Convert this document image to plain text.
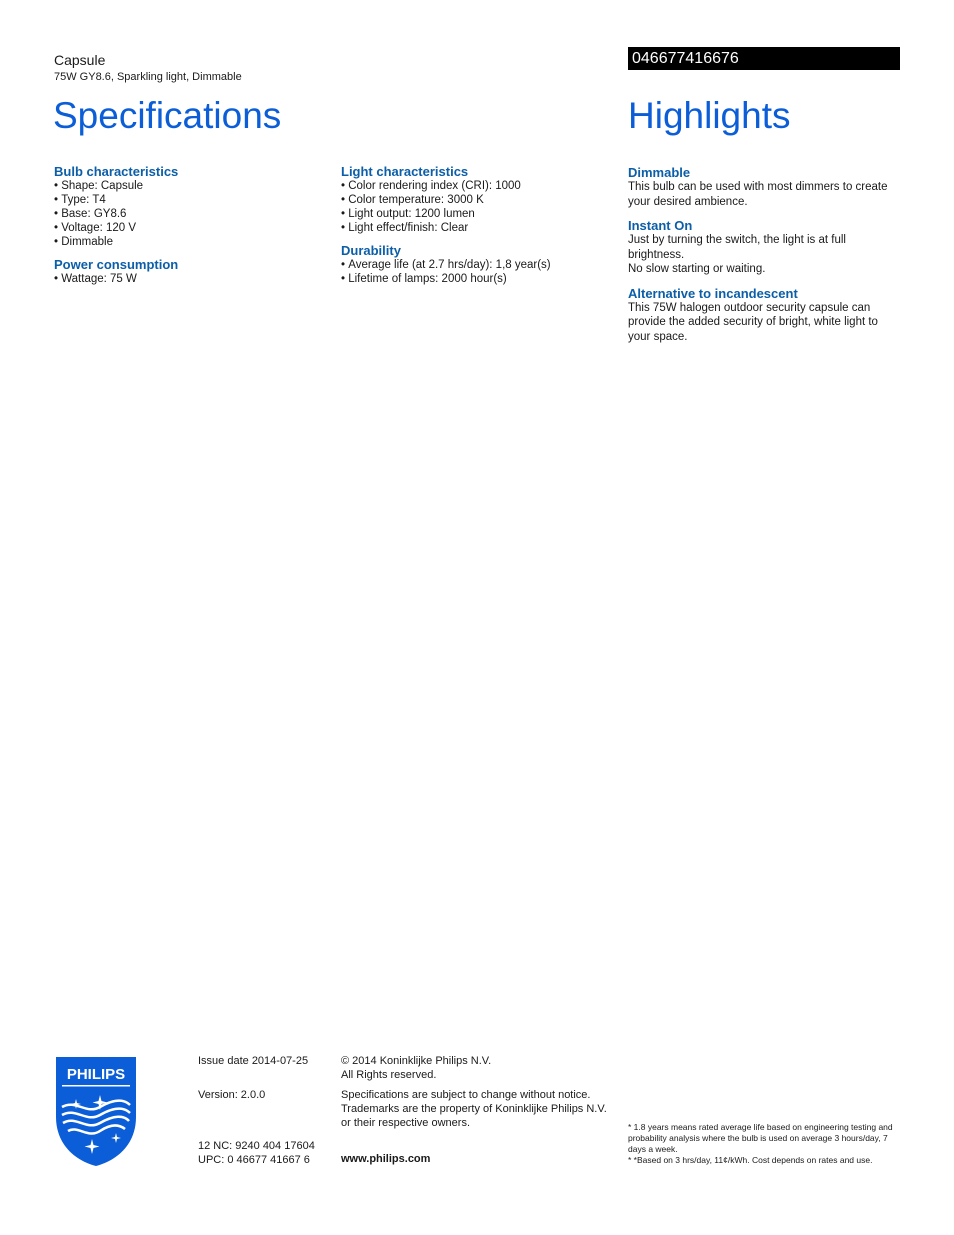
Capsule
75W GY8.6, Sparkling light, Dimmable
046677416676
Specifications	Highlights
Bulb characteristics
• Shape: Capsule
• Type: T4
• Base: GY8.6
• Voltage: 120 V
• Dimmable
Power consumption
• Wattage: 75 W
Light characteristics
• Color rendering index (CRI): 1000
• Color temperature: 3000 K
• Light output: 1200 lumen
• Light effect/finish: Clear
Durability
• Average life (at 2.7 hrs/day): 1,8 year(s)
• Lifetime of lamps: 2000 hour(s)
Dimmable

This bulb can be used with most dimmers to create
your desired ambience.

Instant On

Just by turning the switch, the light is at full brightness.
No slow starting or waiting.

Alternative to incandescent

This 75W halogen outdoor security capsule can
provide the added security of bright, white light to
your space.

PHILIPS
Issue date 2014-07-25
Version: 2.0.0
12 NC: 9240 404 17604
UPC: 0 46677 41667 6
© 2014 Koninklijke Philips N.V.
All Rights reserved.
Specifications are subject to change without notice.
Trademarks are the property of Koninklijke Philips N.V.
or their respective owners.
www.philips.com
* 1.8 years means rated average life based on engineering testing and
probability analysis where the bulb is used on average 3 hours/day, 7
days a week.
* *Based on 3 hrs/day, 11¢/kWh. Cost depends on rates and use.
